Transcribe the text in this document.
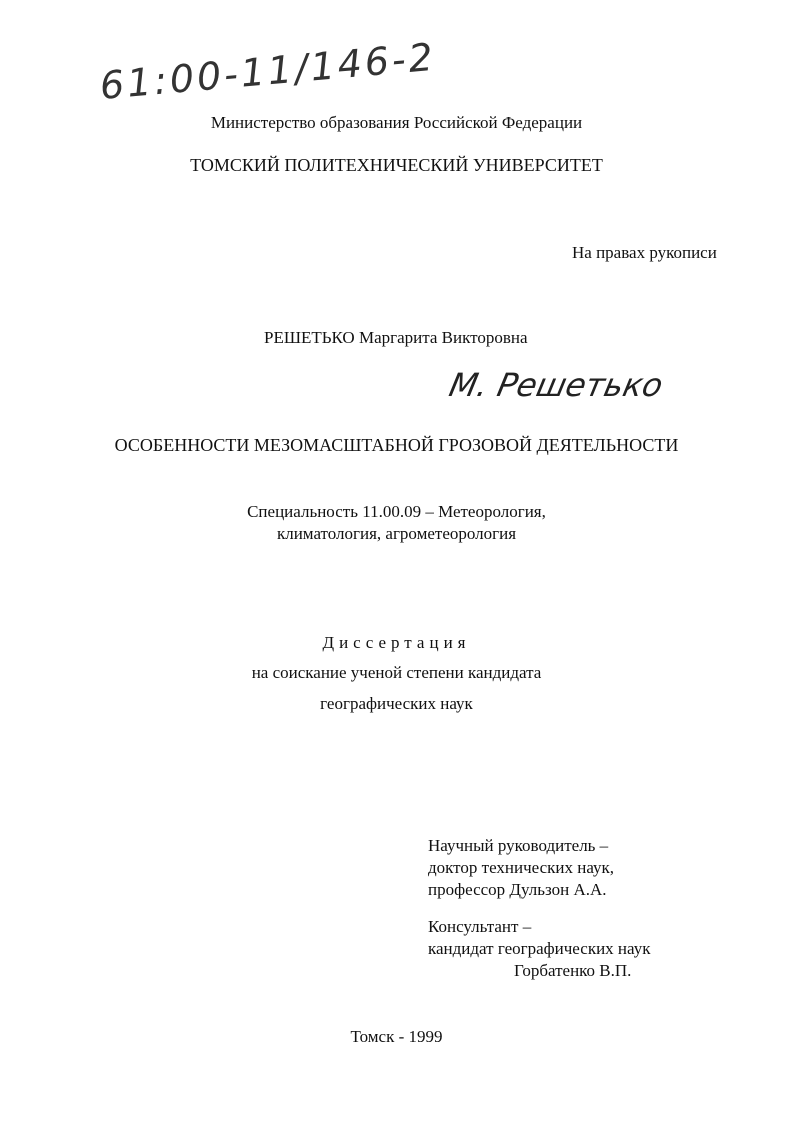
61:00-11/146-2
Министерство образования Российской Федерации
ТОМСКИЙ ПОЛИТЕХНИЧЕСКИЙ УНИВЕРСИТЕТ
На правах рукописи
РЕШЕТЬКО Маргарита Викторовна
М. Решетько
ОСОБЕННОСТИ МЕЗОМАСШТАБНОЙ ГРОЗОВОЙ ДЕЯТЕЛЬНОСТИ
Специальность 11.00.09 – Метеорология,
климатология, агрометеорология
Диссертация
на соискание ученой степени кандидата
географических наук
Научный руководитель –
доктор технических наук,
профессор Дульзон А.А.
Консультант –
кандидат географических наук
Горбатенко В.П.
Томск - 1999
